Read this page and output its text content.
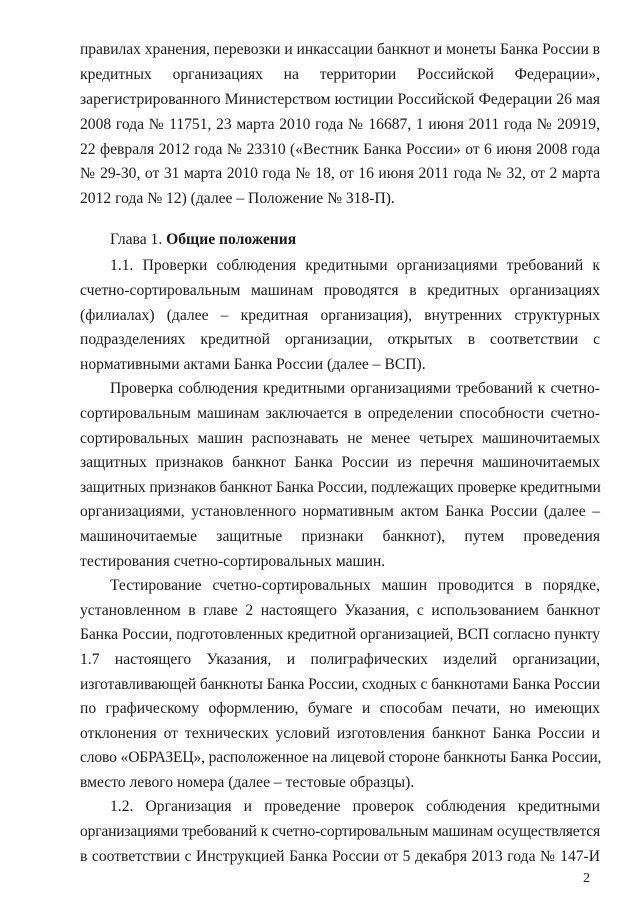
правилах хранения, перевозки и инкассации банкнот и монеты Банка России в
кредитных организациях на территории Российской Федерации»,
зарегистрированного Министерством юстиции Российской Федерации 26 мая
2008 года № 11751, 23 марта 2010 года № 16687, 1 июня 2011 года № 20919,
22 февраля 2012 года № 23310 («Вестник Банка России» от 6 июня 2008 года
№ 29-30, от 31 марта 2010 года № 18, от 16 июня 2011 года № 32, от 2 марта
2012 года № 12) (далее – Положение № 318-П).
Глава 1. Общие положения
1.1. Проверки соблюдения кредитными организациями требований к
счетно-сортировальным машинам проводятся в кредитных организациях
(филиалах) (далее – кредитная организация), внутренних структурных
подразделениях кредитной организации, открытых в соответствии с
нормативными актами Банка России (далее – ВСП).
Проверка соблюдения кредитными организациями требований к счетно-
сортировальным машинам заключается в определении способности счетно-
сортировальных машин распознавать не менее четырех машиночитаемых
защитных признаков банкнот Банка России из перечня машиночитаемых
защитных признаков банкнот Банка России, подлежащих проверке кредитными
организациями, установленного нормативным актом Банка России (далее –
машиночитаемые защитные признаки банкнот), путем проведения
тестирования счетно-сортировальных машин.
Тестирование счетно-сортировальных машин проводится в порядке,
установленном в главе 2 настоящего Указания, с использованием банкнот
Банка России, подготовленных кредитной организацией, ВСП согласно пункту
1.7 настоящего Указания, и полиграфических изделий организации,
изготавливающей банкноты Банка России, сходных с банкнотами Банка России
по графическому оформлению, бумаге и способам печати, но имеющих
отклонения от технических условий изготовления банкнот Банка России и
слово «ОБРАЗЕЦ», расположенное на лицевой стороне банкноты Банка России,
вместо левого номера (далее – тестовые образцы).
1.2. Организация и проведение проверок соблюдения кредитными
организациями требований к счетно-сортировальным машинам осуществляется
в соответствии с Инструкцией Банка России от 5 декабря 2013 года № 147-И
2
